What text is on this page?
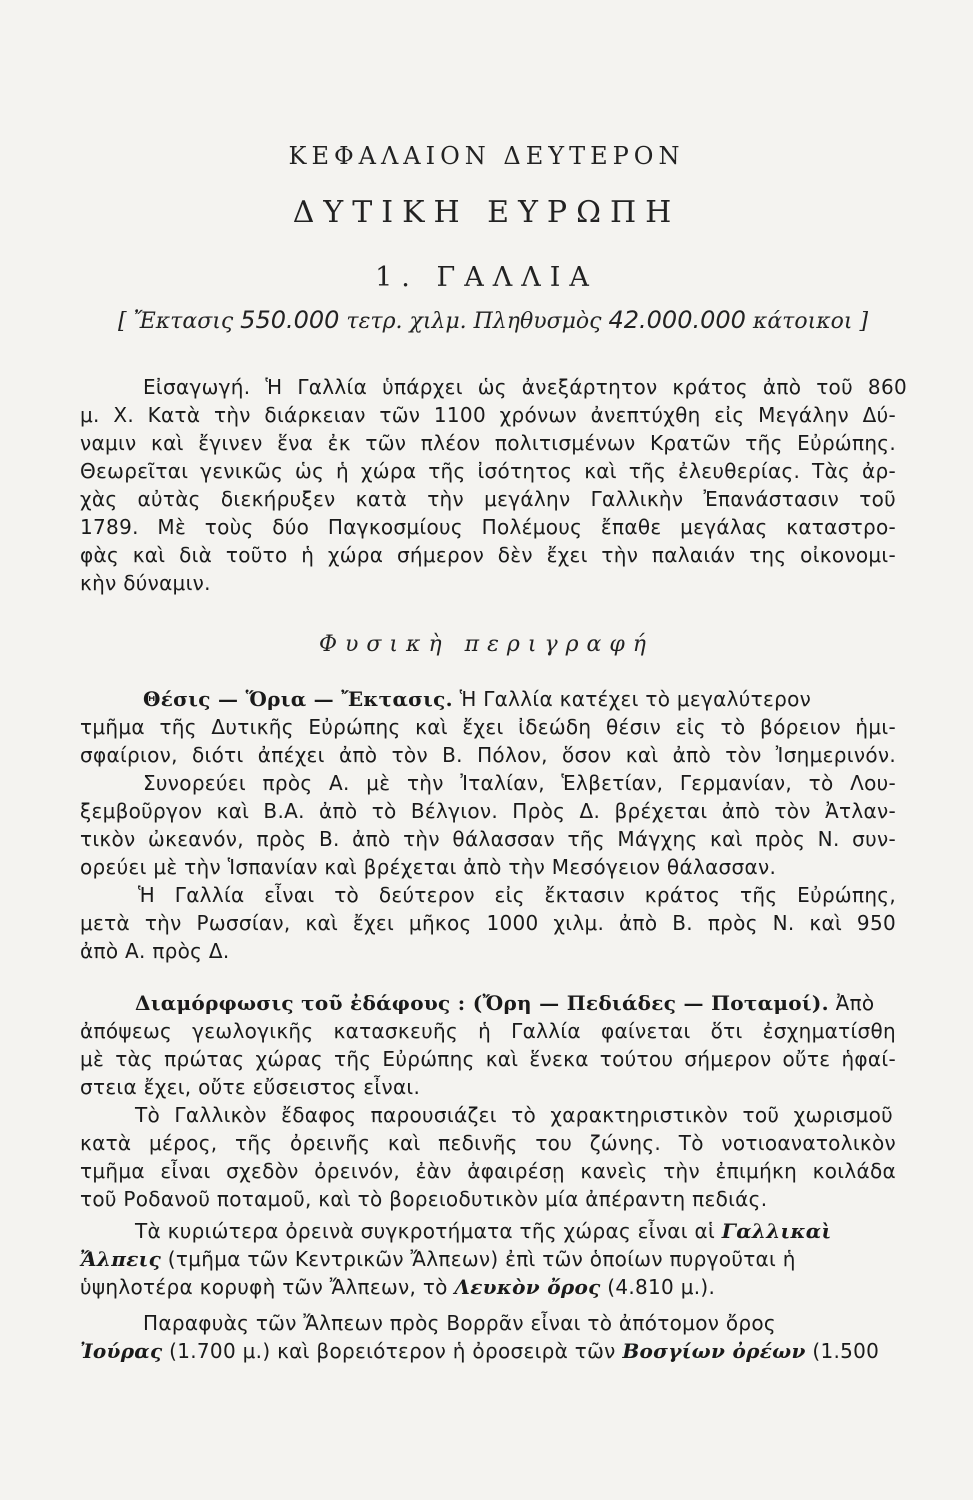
ΚΕΦΑΛΑΙΟΝ ΔΕΥΤΕΡΟΝ
ΔΥΤΙΚΗ ΕΥΡΩΠΗ
1. ΓΑΛΛΙΑ
[ Ἔκτασις 550.000 τετρ. χιλμ. Πληθυσμὸς 42.000.000 κάτοικοι ]
Εἰσαγωγή. Ἡ Γαλλία ὑπάρχει ὡς ἀνεξάρτητον κράτος ἀπὸ τοῦ 860
μ. Χ. Κατὰ τὴν διάρκειαν τῶν 1100 χρόνων ἀνεπτύχθη εἰς Μεγάλην Δύ-
ναμιν καὶ ἔγινεν ἕνα ἐκ τῶν πλέον πολιτισμένων Κρατῶν τῆς Εὐρώπης.
Θεωρεῖται γενικῶς ὡς ἡ χώρα τῆς ἰσότητος καὶ τῆς ἐλευθερίας. Τὰς ἀρ-
χὰς αὐτὰς διεκήρυξεν κατὰ τὴν μεγάλην Γαλλικὴν Ἐπανάστασιν τοῦ
1789. Μὲ τοὺς δύο Παγκοσμίους Πολέμους ἔπαθε μεγάλας καταστρο-
φὰς καὶ διὰ τοῦτο ἡ χώρα σήμερον δὲν ἔχει τὴν παλαιάν της οἰκονομι-
κὴν δύναμιν.
Φυσικὴ περιγραφή
Θέσις — Ὅρια — Ἔκτασις. Ἡ Γαλλία κατέχει τὸ μεγαλύτερον
τμῆμα τῆς Δυτικῆς Εὐρώπης καὶ ἔχει ἰδεώδη θέσιν εἰς τὸ βόρειον ἡμι-
σφαίριον, διότι ἀπέχει ἀπὸ τὸν Β. Πόλον, ὅσον καὶ ἀπὸ τὸν Ἰσημερινόν.
Συνορεύει πρὸς Α. μὲ τὴν Ἰταλίαν, Ἑλβετίαν, Γερμανίαν, τὸ Λου-
ξεμβοῦργον καὶ Β.Α. ἀπὸ τὸ Βέλγιον. Πρὸς Δ. βρέχεται ἀπὸ τὸν Ἀτλαν-
τικὸν ὠκεανόν, πρὸς Β. ἀπὸ τὴν θάλασσαν τῆς Μάγχης καὶ πρὸς Ν. συν-
ορεύει μὲ τὴν Ἱσπανίαν καὶ βρέχεται ἀπὸ τὴν Μεσόγειον θάλασσαν.
Ἡ Γαλλία εἶναι τὸ δεύτερον εἰς ἔκτασιν κράτος τῆς Εὐρώπης,
μετὰ τὴν Ρωσσίαν, καὶ ἔχει μῆκος 1000 χιλμ. ἀπὸ Β. πρὸς Ν. καὶ 950
ἀπὸ Α. πρὸς Δ.
Διαμόρφωσις τοῦ ἐδάφους : (Ὄρη — Πεδιάδες — Ποταμοί). Ἀπὸ
ἀπόψεως γεωλογικῆς κατασκευῆς ἡ Γαλλία φαίνεται ὅτι ἐσχηματίσθη
μὲ τὰς πρώτας χώρας τῆς Εὐρώπης καὶ ἕνεκα τούτου σήμερον οὔτε ἡφαί-
στεια ἔχει, οὔτε εὔσειστος εἶναι.
Τὸ Γαλλικὸν ἔδαφος παρουσιάζει τὸ χαρακτηριστικὸν τοῦ χωρισμοῦ
κατὰ μέρος, τῆς ὀρεινῆς καὶ πεδινῆς του ζώνης. Τὸ νοτιοανατολικὸν
τμῆμα εἶναι σχεδὸν ὀρεινόν, ἐὰν ἀφαιρέσῃ κανεὶς τὴν ἐπιμήκη κοιλάδα
τοῦ Ροδανοῦ ποταμοῦ, καὶ τὸ βορειοδυτικὸν μία ἀπέραντη πεδιάς.
Τὰ κυριώτερα ὀρεινὰ συγκροτήματα τῆς χώρας εἶναι αἱ Γαλλικαὶ
Ἄλπεις (τμῆμα τῶν Κεντρικῶν Ἄλπεων) ἐπὶ τῶν ὁποίων πυργοῦται ἡ
ὑψηλοτέρα κορυφὴ τῶν Ἄλπεων, τὸ Λευκὸν ὄρος (4.810 μ.).
Παραφυὰς τῶν Ἄλπεων πρὸς Βορρᾶν εἶναι τὸ ἀπότομον ὄρος
Ἰούρας (1.700 μ.) καὶ βορειότερον ἡ ὀροσειρὰ τῶν Βοσγίων ὀρέων (1.500
